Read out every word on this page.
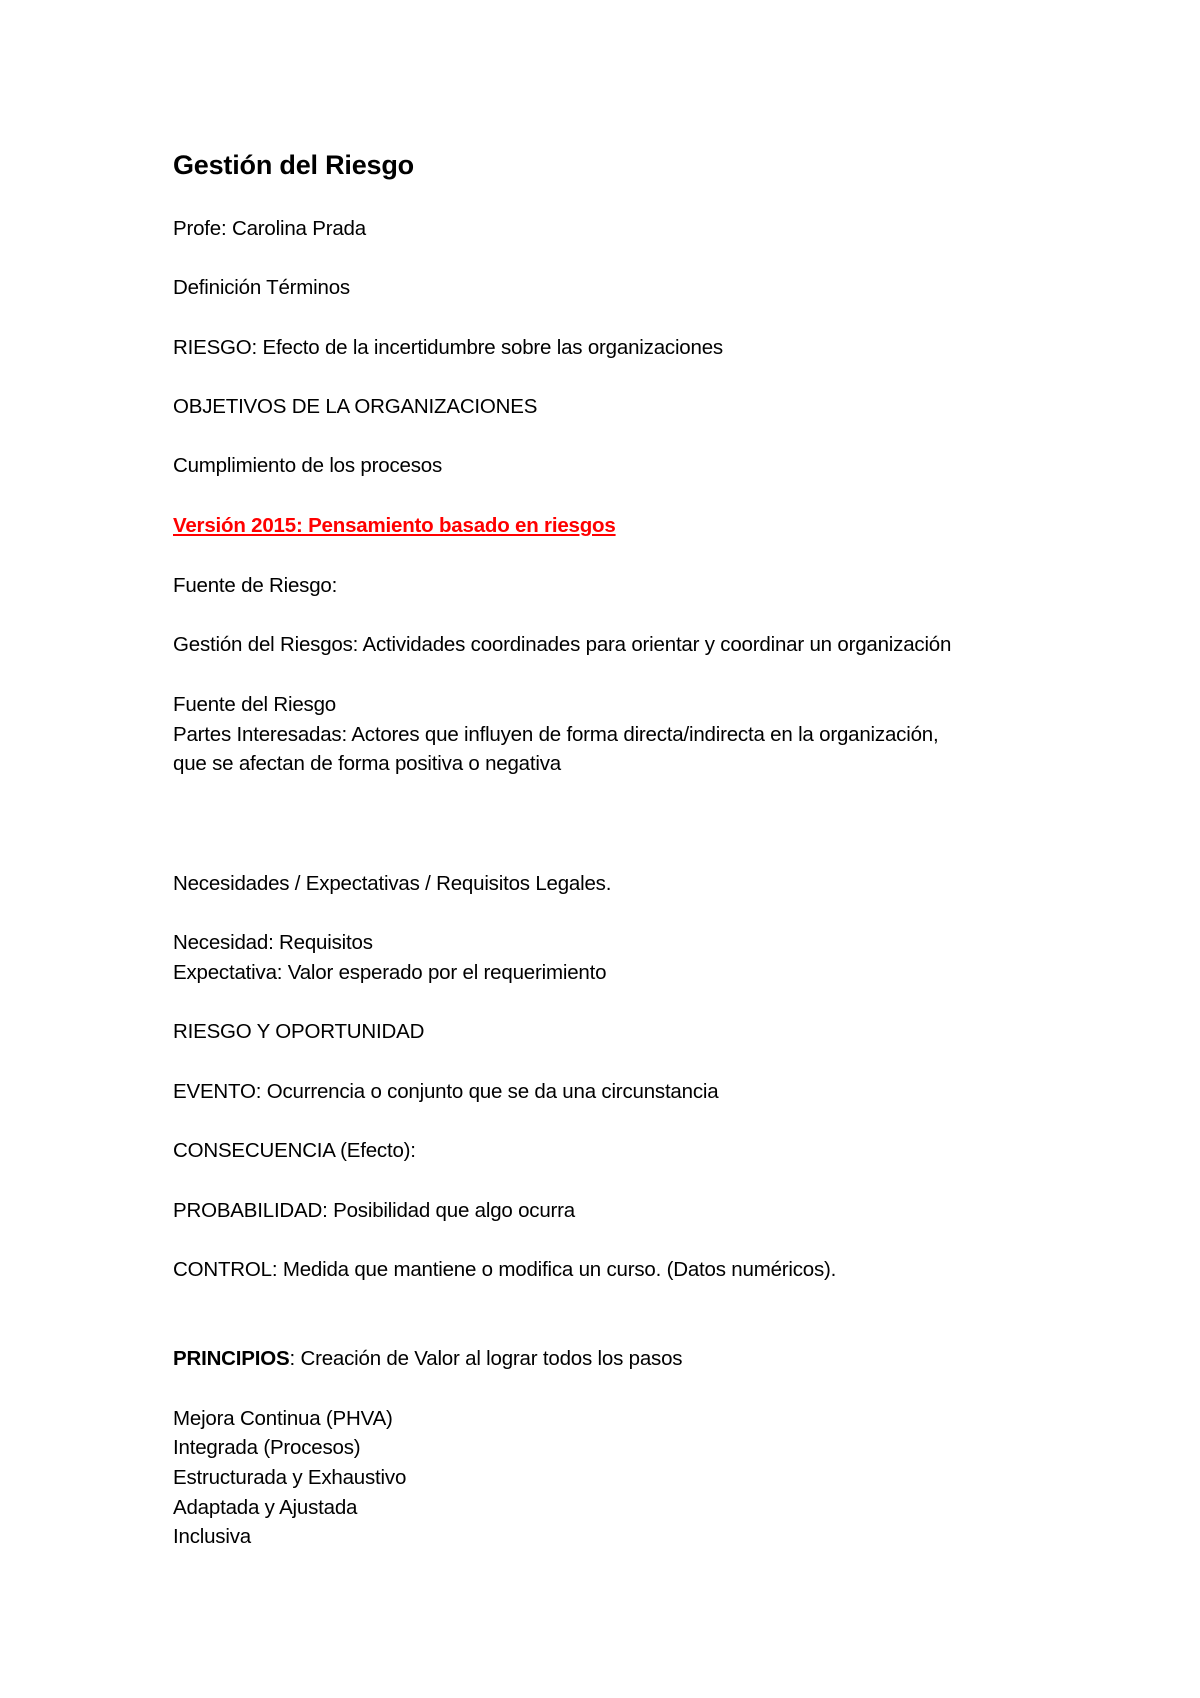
Gestión del Riesgo
Profe: Carolina Prada
Definición Términos
RIESGO: Efecto de la incertidumbre sobre las organizaciones
OBJETIVOS DE LA ORGANIZACIONES
Cumplimiento de los procesos
Versión 2015: Pensamiento basado en riesgos
Fuente de Riesgo:
Gestión del Riesgos: Actividades coordinades para orientar y coordinar un organización
Fuente del Riesgo
Partes Interesadas: Actores que influyen de forma directa/indirecta en la organización,
que se afectan de forma positiva o negativa
Necesidades / Expectativas / Requisitos Legales.
Necesidad: Requisitos
Expectativa: Valor esperado por el requerimiento
RIESGO Y OPORTUNIDAD
EVENTO: Ocurrencia o conjunto que se da una circunstancia
CONSECUENCIA (Efecto):
PROBABILIDAD: Posibilidad que algo ocurra
CONTROL: Medida que mantiene o modifica un curso. (Datos numéricos).
PRINCIPIOS: Creación de Valor al lograr todos los pasos
Mejora Continua (PHVA)
Integrada (Procesos)
Estructurada y Exhaustivo
Adaptada y Ajustada
Inclusiva
